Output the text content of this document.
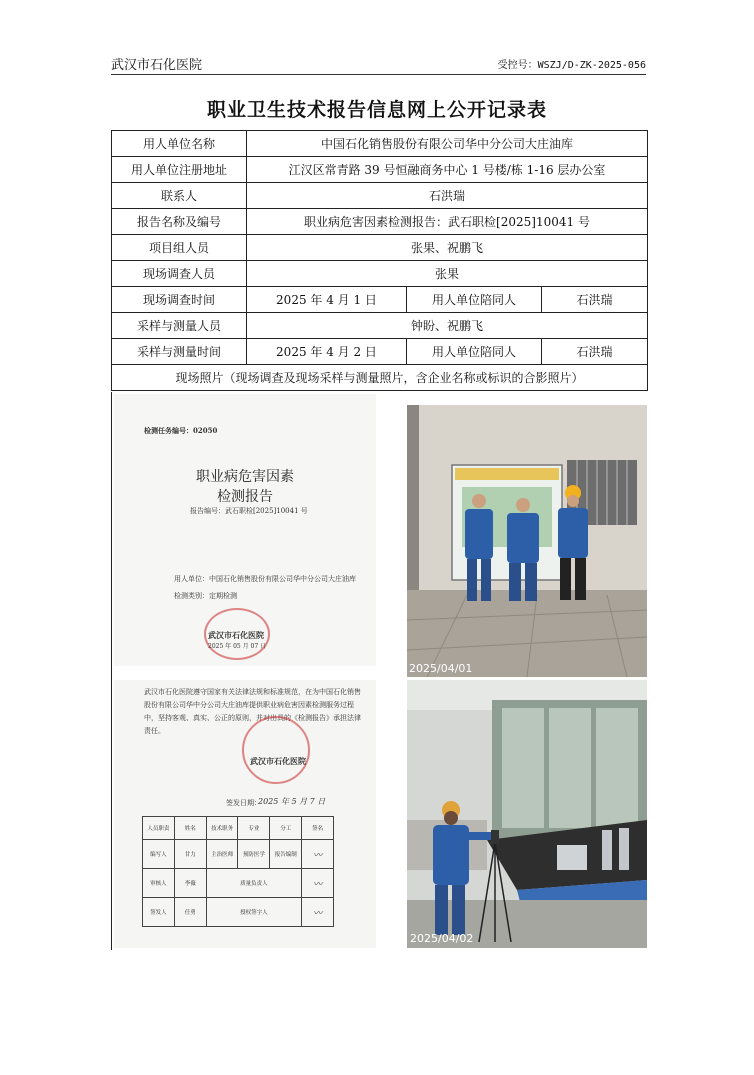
武汉市石化医院	受控号：WSZJ/D-ZK-2025-056
职业卫生技术报告信息网上公开记录表
用人单位名称	中国石化销售股份有限公司华中分公司大庄油库		
用人单位注册地址	江汉区常青路 39 号恒融商务中心 1 号楼/栋 1-16 层办公室		
联系人	石洪瑞		
报告名称及编号	职业病危害因素检测报告：武石职检[2025]10041 号		
项目组人员	张果、祝鹏飞		
现场调查人员	张果		
现场调查时间	2025 年 4 月 1 日	用人单位陪同人	石洪瑞
采样与测量人员	钟盼、祝鹏飞		
采样与测量时间	2025 年 4 月 2 日	用人单位陪同人	石洪瑞
现场照片（现场调查及现场采样与测量照片，含企业名称或标识的合影照片）			
检测任务编号：02050
职业病危害因素
检测报告
报告编号：武石职检[2025]10041 号
用人单位：中国石化销售股份有限公司华中分公司大庄油库
检测类别：定期检测
武汉市石化医院
2025 年 05 月 07 日
2025/04/01
武汉市石化医院遵守国家有关法律法规和标准规范，在为中国石化销售股份有限公司华中分公司大庄油库提供职业病危害因素检测服务过程中，坚持客观、真实、公正的原则，并对出具的《检测报告》承担法律责任。
武汉市石化医院
签发日期：
2025 年 5 月 7 日
人员职责	姓名	技术职务	专业	分工	签名
编写人	甘力	主治医师	预防医学	报告编制	〰
审核人	李薇	质量负责人			〰
签发人	任勇	授权签字人			〰
2025/04/02
